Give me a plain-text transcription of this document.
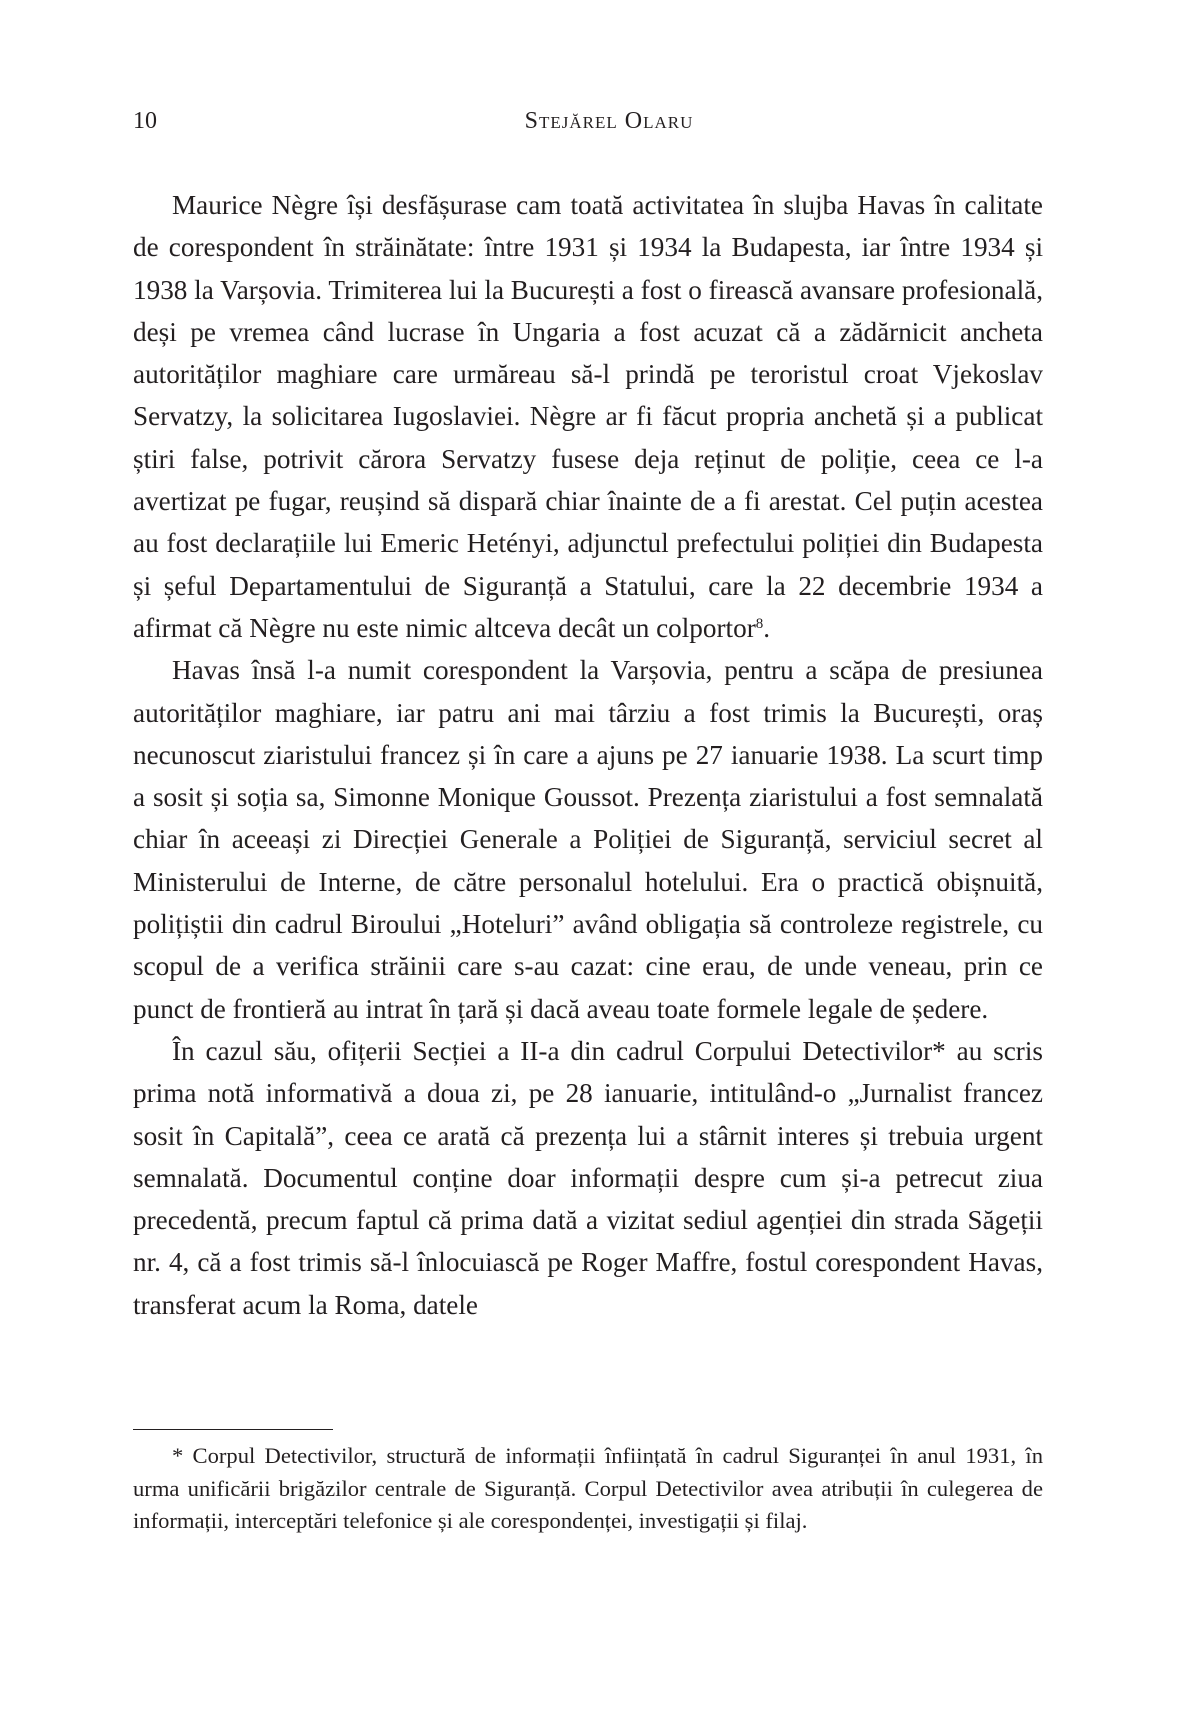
10	Stejărel Olaru

Maurice Nègre își desfășurase cam toată activitatea în slujba Havas în calitate de corespondent în străinătate: între 1931 și 1934 la Budapesta, iar între 1934 și 1938 la Varșovia. Trimiterea lui la București a fost o firească avansare profesională, deși pe vremea când lucrase în Ungaria a fost acuzat că a zădărnicit ancheta autorităților maghiare care urmăreau să-l prindă pe teroristul croat Vjekoslav Servatzy, la solicitarea Iugoslaviei. Nègre ar fi făcut propria anchetă și a publicat știri false, potrivit cărora Servatzy fusese deja reținut de poliție, ceea ce l-a avertizat pe fugar, reușind să dispară chiar înainte de a fi arestat. Cel puțin acestea au fost declarațiile lui Emeric Hetényi, adjunctul prefectului poliției din Budapesta și șeful Departamentului de Siguranță a Statului, care la 22 decembrie 1934 a afirmat că Nègre nu este nimic altceva decât un colportor$^8$.

Havas însă l-a numit corespondent la Varșovia, pentru a scăpa de presiunea autorităților maghiare, iar patru ani mai târziu a fost trimis la București, oraș necunoscut ziaristului francez și în care a ajuns pe 27 ianuarie 1938. La scurt timp a sosit și soția sa, Simonne Monique Goussot. Prezența ziaristului a fost semnalată chiar în aceeași zi Direcției Generale a Poliției de Siguranță, serviciul secret al Ministerului de Interne, de către personalul hotelului. Era o practică obișnuită, polițiștii din cadrul Biroului „Hoteluri” având obligația să controleze registrele, cu scopul de a verifica străinii care s-au cazat: cine erau, de unde veneau, prin ce punct de frontieră au intrat în țară și dacă aveau toate formele legale de ședere.

În cazul său, ofițerii Secției a II-a din cadrul Corpului Detectivilor* au scris prima notă informativă a doua zi, pe 28 ianuarie, intitulând-o „Jurnalist francez sosit în Capitală”, ceea ce arată că prezența lui a stârnit interes și trebuia urgent semnalată. Documentul conține doar informații despre cum și-a petrecut ziua precedentă, precum faptul că prima dată a vizitat sediul agenției din strada Săgeții nr. 4, că a fost trimis să-l înlocuiască pe Roger Maffre, fostul corespondent Havas, transferat acum la Roma, datele

* Corpul Detectivilor, structură de informații înființată în cadrul Siguranței în anul 1931, în urma unificării brigăzilor centrale de Siguranță. Corpul Detectivilor avea atribuții în culegerea de informații, interceptări telefonice și ale corespondenței, investigații și filaj.
